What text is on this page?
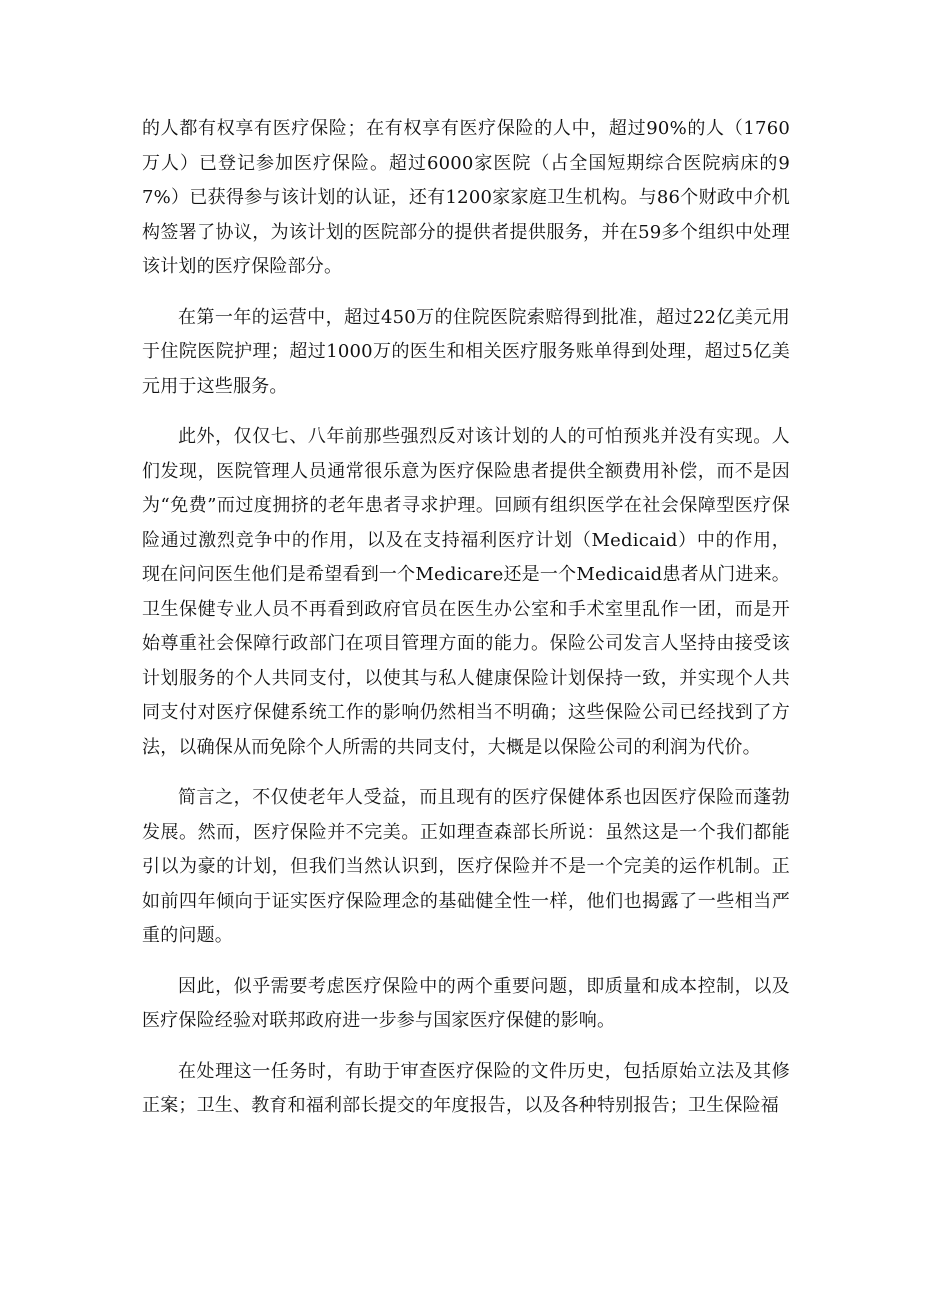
的人都有权享有医疗保险；在有权享有医疗保险的人中，超过90%的人（1760万人）已登记参加医疗保险。超过6000家医院（占全国短期综合医院病床的97%）已获得参与该计划的认证，还有1200家家庭卫生机构。与86个财政中介机构签署了协议，为该计划的医院部分的提供者提供服务，并在59多个组织中处理该计划的医疗保险部分。

在第一年的运营中，超过450万的住院医院索赔得到批准，超过22亿美元用于住院医院护理；超过1000万的医生和相关医疗服务账单得到处理，超过5亿美元用于这些服务。

此外，仅仅七、八年前那些强烈反对该计划的人的可怕预兆并没有实现。人们发现，医院管理人员通常很乐意为医疗保险患者提供全额费用补偿，而不是因为“免费”而过度拥挤的老年患者寻求护理。回顾有组织医学在社会保障型医疗保险通过激烈竞争中的作用，以及在支持福利医疗计划（Medicaid）中的作用，现在问问医生他们是希望看到一个Medicare还是一个Medicaid患者从门进来。卫生保健专业人员不再看到政府官员在医生办公室和手术室里乱作一团，而是开始尊重社会保障行政部门在项目管理方面的能力。保险公司发言人坚持由接受该计划服务的个人共同支付，以使其与私人健康保险计划保持一致，并实现个人共同支付对医疗保健系统工作的影响仍然相当不明确；这些保险公司已经找到了方法，以确保从而免除个人所需的共同支付，大概是以保险公司的利润为代价。

简言之，不仅使老年人受益，而且现有的医疗保健体系也因医疗保险而蓬勃发展。然而，医疗保险并不完美。正如理查森部长所说：虽然这是一个我们都能引以为豪的计划，但我们当然认识到，医疗保险并不是一个完美的运作机制。正如前四年倾向于证实医疗保险理念的基础健全性一样，他们也揭露了一些相当严重的问题。

因此，似乎需要考虑医疗保险中的两个重要问题，即质量和成本控制，以及医疗保险经验对联邦政府进一步参与国家医疗保健的影响。

在处理这一任务时，有助于审查医疗保险的文件历史，包括原始立法及其修正案；卫生、教育和福利部长提交的年度报告，以及各种特别报告；卫生保险福
